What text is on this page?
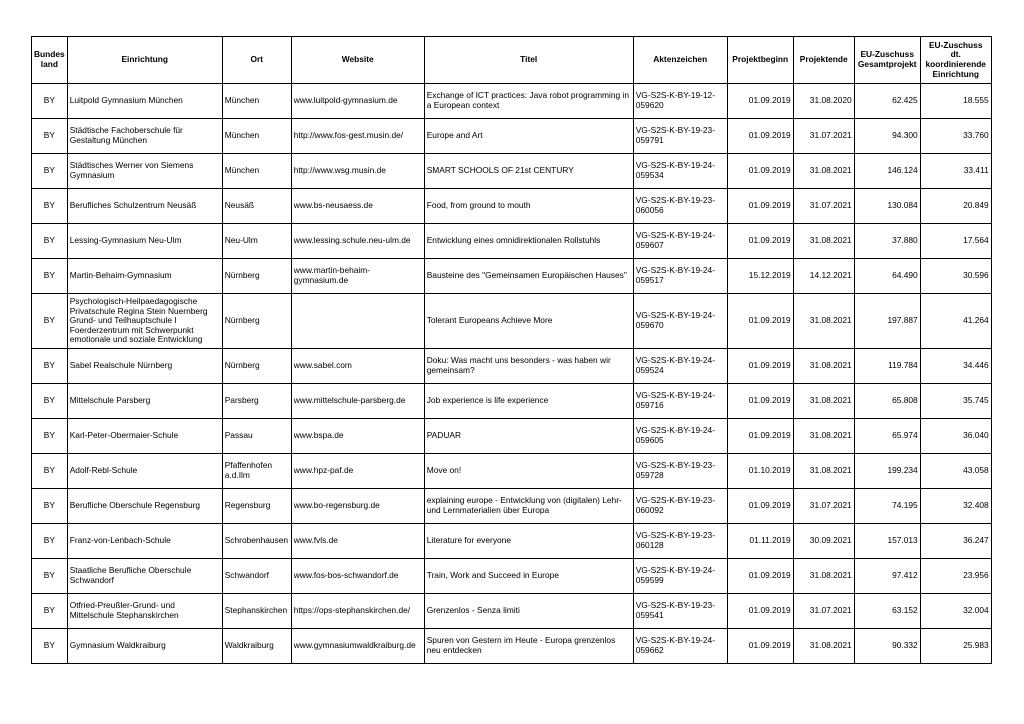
Bundes land	Einrichtung	Ort	Website	Titel	Aktenzeichen	Projektbeginn	Projektende	EU-Zuschuss Gesamtprojekt	EU-Zuschuss dt. koordinierende Einrichtung
BY	Luitpold Gymnasium München	München	www.luitpold-gymnasium.de	Exchange of ICT practices: Java robot programming in a European context	VG-S2S-K-BY-19-12-059620	01.09.2019	31.08.2020	62.425	18.555
BY	Städtische Fachoberschule für Gestaltung München	München	http://www.fos-gest.musin.de/	Europe and Art	VG-S2S-K-BY-19-23-059791	01.09.2019	31.07.2021	94.300	33.760
BY	Städtisches Werner von Siemens Gymnasium	München	http://www.wsg.musin.de	SMART SCHOOLS OF 21st CENTURY	VG-S2S-K-BY-19-24-059534	01.09.2019	31.08.2021	146.124	33.411
BY	Berufliches Schulzentrum Neusäß	Neusäß	www.bs-neusaess.de	Food, from ground to mouth	VG-S2S-K-BY-19-23-060056	01.09.2019	31.07.2021	130.084	20.849
BY	Lessing-Gymnasium Neu-Ulm	Neu-Ulm	www.lessing.schule.neu-ulm.de	Entwicklung eines omnidirektionalen Rollstuhls	VG-S2S-K-BY-19-24-059607	01.09.2019	31.08.2021	37.880	17.564
BY	Martin-Behaim-Gymnasium	Nürnberg	www.martin-behaim-gymnasium.de	Bausteine des "Gemeinsamen Europäischen Hauses"	VG-S2S-K-BY-19-24-059517	15.12.2019	14.12.2021	64.490	30.596
BY	Psychologisch-Heilpaedagogische Privatschule Regina Stein Nuernberg Grund- und Teilhauptschule I Foerderzentrum mit Schwerpunkt emotionale und soziale Entwicklung	Nürnberg		Tolerant Europeans Achieve More	VG-S2S-K-BY-19-24-059670	01.09.2019	31.08.2021	197.887	41.264
BY	Sabel Realschule Nürnberg	Nürnberg	www.sabel.com	Doku: Was macht uns besonders - was haben wir gemeinsam?	VG-S2S-K-BY-19-24-059524	01.09.2019	31.08.2021	119.784	34.446
BY	Mittelschule Parsberg	Parsberg	www.mittelschule-parsberg.de	Job experience is life experience	VG-S2S-K-BY-19-24-059716	01.09.2019	31.08.2021	65.808	35.745
BY	Karl-Peter-Obermaier-Schule	Passau	www.bspa.de	PADUAR	VG-S2S-K-BY-19-24-059605	01.09.2019	31.08.2021	65.974	36.040
BY	Adolf-Rebl-Schule	Pfaffenhofen a.d.Ilm	www.hpz-paf.de	Move on!	VG-S2S-K-BY-19-23-059728	01.10.2019	31.08.2021	199.234	43.058
BY	Berufliche Oberschule Regensburg	Regensburg	www.bo-regensburg.de	explaining europe - Entwicklung von (digitalen) Lehr- und Lernmaterialien über Europa	VG-S2S-K-BY-19-23-060092	01.09.2019	31.07.2021	74.195	32.408
BY	Franz-von-Lenbach-Schule	Schrobenhausen	www.fvls.de	Literature for everyone	VG-S2S-K-BY-19-23-060128	01.11.2019	30.09.2021	157.013	36.247
BY	Staatliche Berufliche Oberschule Schwandorf	Schwandorf	www.fos-bos-schwandorf.de	Train, Work and Succeed in Europe	VG-S2S-K-BY-19-24-059599	01.09.2019	31.08.2021	97.412	23.956
BY	Otfried-Preußler-Grund- und Mittelschule Stephanskirchen	Stephanskirchen	https://ops-stephanskirchen.de/	Grenzenlos - Senza limiti	VG-S2S-K-BY-19-23-059541	01.09.2019	31.07.2021	63.152	32.004
BY	Gymnasium Waldkraiburg	Waldkraiburg	www.gymnasiumwaldkraiburg.de	Spuren von Gestern im Heute - Europa grenzenlos neu entdecken	VG-S2S-K-BY-19-24-059662	01.09.2019	31.08.2021	90.332	25.983
